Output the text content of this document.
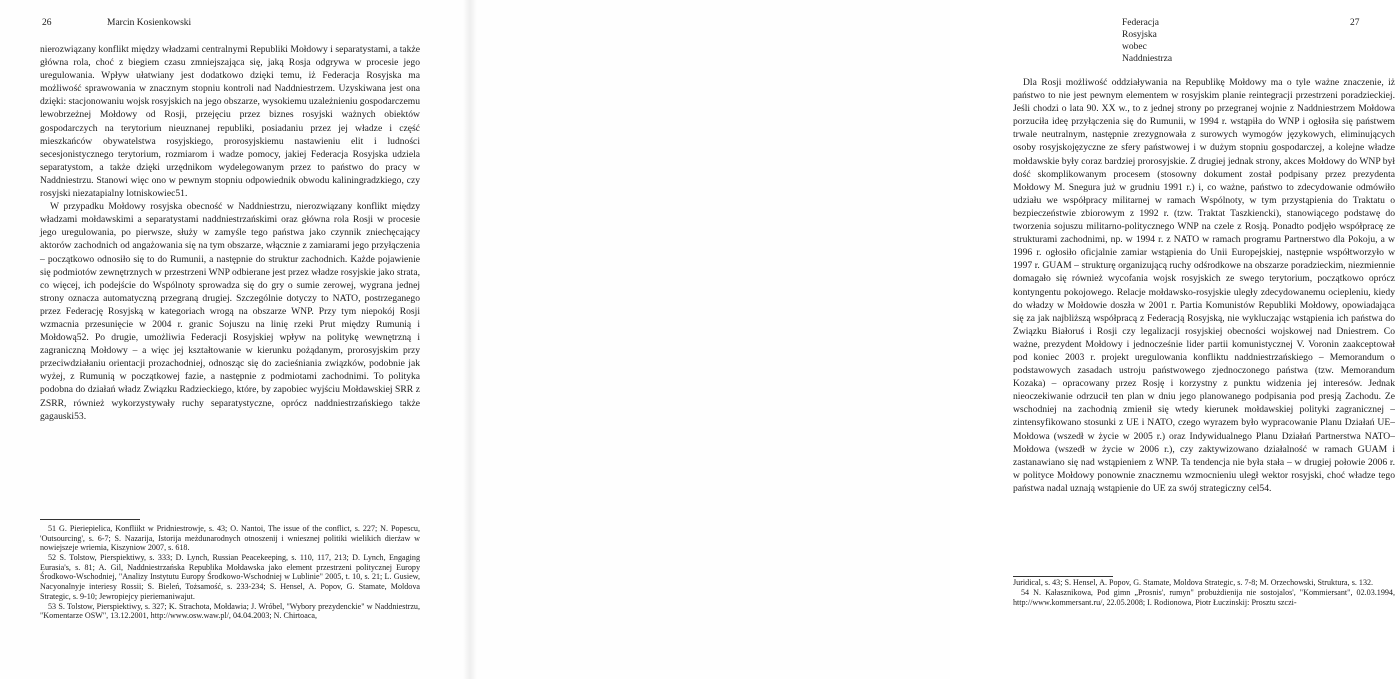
26	Marcin Kosienkowski

nierozwiązany konflikt między władzami centralnymi Republiki Mołdowy i separatystami, a także główna rola, choć z biegiem czasu zmniejszająca się, jaką Rosja odgrywa w procesie jego uregulowania. Wpływ ułatwiany jest dodatkowo dzięki temu, iż Federacja Rosyjska ma możliwość sprawowania w znacznym stopniu kontroli nad Naddniestrzem. Uzyskiwana jest ona dzięki: stacjonowaniu wojsk rosyjskich na jego obszarze, wysokiemu uzależnieniu gospodarczemu lewobrzeżnej Mołdowy od Rosji, przejęciu przez biznes rosyjski ważnych obiektów gospodarczych na terytorium nieuznanej republiki, posiadaniu przez jej władze i część mieszkańców obywatelstwa rosyjskiego, prorosyjskiemu nastawieniu elit i ludności secesjonistycznego terytorium, rozmiarom i wadze pomocy, jakiej Federacja Rosyjska udziela separatystom, a także dzięki urzędnikom wydelegowanym przez to państwo do pracy w Naddniestrzu. Stanowi więc ono w pewnym stopniu odpowiednik obwodu kaliningradzkiego, czy rosyjski niezatapialny lotniskowiec51.

W przypadku Mołdowy rosyjska obecność w Naddniestrzu, nierozwiązany konflikt między władzami mołdawskimi a separatystami naddniestrzańskimi oraz główna rola Rosji w procesie jego uregulowania, po pierwsze, służy w zamyśle tego państwa jako czynnik zniechęcający aktorów zachodnich od angażowania się na tym obszarze, włącznie z zamiarami jego przyłączenia – początkowo odnosiło się to do Rumunii, a następnie do struktur zachodnich. Każde pojawienie się podmiotów zewnętrznych w przestrzeni WNP odbierane jest przez władze rosyjskie jako strata, co więcej, ich podejście do Wspólnoty sprowadza się do gry o sumie zerowej, wygrana jednej strony oznacza automatyczną przegraną drugiej. Szczególnie dotyczy to NATO, postrzeganego przez Federację Rosyjską w kategoriach wrogą na obszarze WNP. Przy tym niepokój Rosji wzmacnia przesunięcie w 2004 r. granic Sojuszu na linię rzeki Prut między Rumunią i Mołdową52. Po drugie, umożliwia Federacji Rosyjskiej wpływ na politykę wewnętrzną i zagraniczną Mołdowy – a więc jej kształtowanie w kierunku pożądanym, prorosyjskim przy przeciwdziałaniu orientacji prozachodniej, odnosząc się do zacieśniania związków, podobnie jak wyżej, z Rumunią w początkowej fazie, a następnie z podmiotami zachodnimi. To polityka podobna do działań władz Związku Radzieckiego, które, by zapobiec wyjściu Mołdawskiej SRR z ZSRR, również wykorzystywały ruchy separatystyczne, oprócz naddniestrzańskiego także gagauski53.

51 G. Pieriepielica, Konfliikt w Pridniestrowje, s. 43; O. Nantoi, The issue of the conflict, s. 227; N. Popescu, 'Outsourcing', s. 6-7; S. Nazarija, Istorija meżdunarodnych otnoszenij i wniesznej politiki wielikich dierżaw w nowiejszeje wriemia, Kiszyniow 2007, s. 618.

52 S. Tolstow, Pierspiektiwy, s. 333; D. Lynch, Russian Peacekeeping, s. 110, 117, 213; D. Lynch, Engaging Eurasia's, s. 81; A. Gil, Naddniestrzańska Republika Mołdawska jako element przestrzeni politycznej Europy Środkowo-Wschodniej, "Analizy Instytutu Europy Środkowo-Wschodniej w Lublinie" 2005, t. 10, s. 21; L. Gusiew, Nacyonalnyje interiesy Rossii; S. Bieleń, Tożsamość, s. 233-234; S. Hensel, A. Popov, G. Stamate, Moldova Strategic, s. 9-10; Jewropiejcy pieriemaniwajut.

53 S. Tolstow, Pierspiektiwy, s. 327; K. Strachota, Mołdawia; J. Wróbel, "Wybory prezydenckie" w Naddniestrzu, "Komentarze OSW", 13.12.2001, http://www.osw.waw.pl/, 04.04.2003; N. Chirtoaca,

Federacja Rosyjska wobec Naddniestrza
27

Dla Rosji możliwość oddziaływania na Republikę Mołdowy ma o tyle ważne znaczenie, iż państwo to nie jest pewnym elementem w rosyjskim planie reintegracji przestrzeni poradzieckiej. Jeśli chodzi o lata 90. XX w., to z jednej strony po przegranej wojnie z Naddniestrzem Mołdowa porzuciła ideę przyłączenia się do Rumunii, w 1994 r. wstąpiła do WNP i ogłosiła się państwem trwale neutralnym, następnie zrezygnowała z surowych wymogów językowych, eliminujących osoby rosyjskojęzyczne ze sfery państwowej i w dużym stopniu gospodarczej, a kolejne władze mołdawskie były coraz bardziej prorosyjskie. Z drugiej jednak strony, akces Mołdowy do WNP był dość skomplikowanym procesem (stosowny dokument został podpisany przez prezydenta Mołdowy M. Snegura już w grudniu 1991 r.) i, co ważne, państwo to zdecydowanie odmówiło udziału we współpracy militarnej w ramach Wspólnoty, w tym przystąpienia do Traktatu o bezpieczeństwie zbiorowym z 1992 r. (tzw. Traktat Taszkiencki), stanowiącego podstawę do tworzenia sojuszu militarno-politycznego WNP na czele z Rosją. Ponadto podjęło współpracę ze strukturami zachodnimi, np. w 1994 r. z NATO w ramach programu Partnerstwo dla Pokoju, a w 1996 r. ogłosiło oficjalnie zamiar wstąpienia do Unii Europejskiej, następnie współtworzyło w 1997 r. GUAM – strukturę organizującą ruchy odśrodkowe na obszarze poradzieckim, niezmiennie domagało się również wycofania wojsk rosyjskich ze swego terytorium, początkowo oprócz kontyngentu pokojowego. Relacje mołdawsko-rosyjskie uległy zdecydowanemu ociepleniu, kiedy do władzy w Mołdowie doszła w 2001 r. Partia Komunistów Republiki Mołdowy, opowiadająca się za jak najbliższą współpracą z Federacją Rosyjską, nie wykluczając wstąpienia ich państwa do Związku Białoruś i Rosji czy legalizacji rosyjskiej obecności wojskowej nad Dniestrem. Co ważne, prezydent Mołdowy i jednocześnie lider partii komunistycznej V. Voronin zaakceptował pod koniec 2003 r. projekt uregulowania konfliktu naddniestrzańskiego – Memorandum o podstawowych zasadach ustroju państwowego zjednoczonego państwa (tzw. Memorandum Kozaka) – opracowany przez Rosję i korzystny z punktu widzenia jej interesów. Jednak nieoczekiwanie odrzucił ten plan w dniu jego planowanego podpisania pod presją Zachodu. Ze wschodniej na zachodnią zmienił się wtedy kierunek mołdawskiej polityki zagranicznej – zintensyfikowano stosunki z UE i NATO, czego wyrazem było wypracowanie Planu Działań UE–Mołdowa (wszedł w życie w 2005 r.) oraz Indywidualnego Planu Działań Partnerstwa NATO–Mołdowa (wszedł w życie w 2006 r.), czy zaktywizowano działalność w ramach GUAM i zastanawiano się nad wstąpieniem z WNP. Ta tendencja nie była stała – w drugiej połowie 2006 r. w polityce Mołdowy ponownie znacznemu wzmocnieniu uległ wektor rosyjski, choć władze tego państwa nadal uznają wstąpienie do UE za swój strategiczny cel54.

Juridical, s. 43; S. Hensel, A. Popov, G. Stamate, Moldova Strategic, s. 7-8; M. Orzechowski, Struktura, s. 132.

54 N. Kałasznikowa, Pod gimn „Prosnis', rumyn" probużdienija nie sostojalos', "Kommiersant", 02.03.1994, http://www.kommersant.ru/, 22.05.2008; I. Rodionowa, Piotr Łuczinskij: Prosztu szczi-
